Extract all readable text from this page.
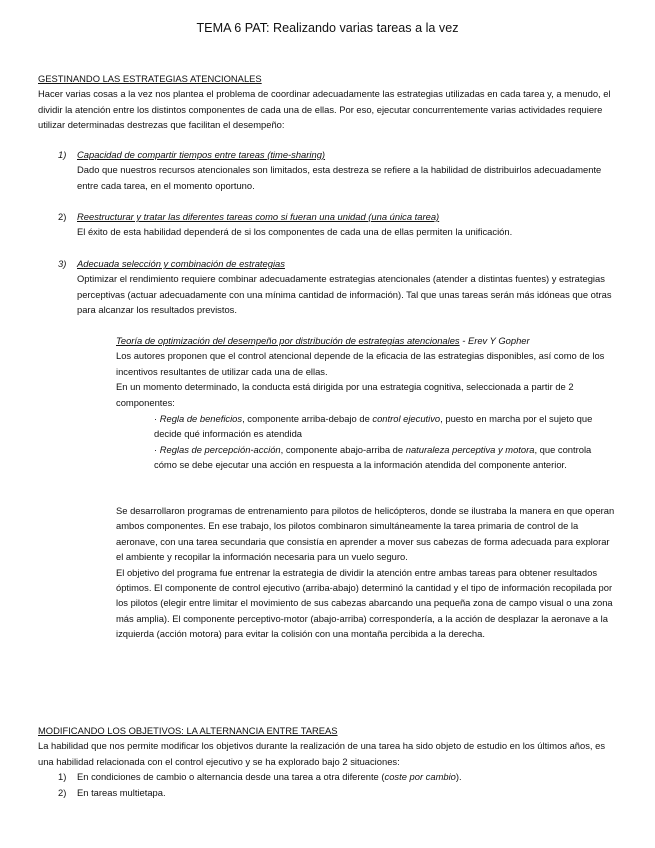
TEMA 6 PAT: Realizando varias tareas a la vez
GESTINANDO LAS ESTRATEGIAS ATENCIONALES

Hacer varias cosas a la vez nos plantea el problema de coordinar adecuadamente las estrategias utilizadas en cada tarea y, a menudo, el dividir la atención entre los distintos componentes de cada una de ellas. Por eso, ejecutar concurrentemente varias actividades requiere utilizar determinadas destrezas que facilitan el desempeño:

1) Capacidad de compartir tiempos entre tareas (time-sharing)

Dado que nuestros recursos atencionales son limitados, esta destreza se refiere a la habilidad de distribuirlos adecuadamente entre cada tarea, en el momento oportuno.

2) Reestructurar y tratar las diferentes tareas como si fueran una unidad (una única tarea)

El éxito de esta habilidad dependerá de si los componentes de cada una de ellas permiten la unificación.

3) Adecuada selección y combinación de estrategias

Optimizar el rendimiento requiere combinar adecuadamente estrategias atencionales (atender a distintas fuentes) y estrategias perceptivas (actuar adecuadamente con una mínima cantidad de información). Tal que unas tareas serán más idóneas que otras para alcanzar los resultados previstos.

Teoría de optimización del desempeño por distribución de estrategias atencionales - Erev Y Gopher

Los autores proponen que el control atencional depende de la eficacia de las estrategias disponibles, así como de los incentivos resultantes de utilizar cada una de ellas.

En un momento determinado, la conducta está dirigida por una estrategia cognitiva, seleccionada a partir de 2 componentes:

· Regla de beneficios, componente arriba-debajo de control ejecutivo, puesto en marcha por el sujeto que decide qué información es atendida

· Reglas de percepción-acción, componente abajo-arriba de naturaleza perceptiva y motora, que controla cómo se debe ejecutar una acción en respuesta a la información atendida del componente anterior.

Se desarrollaron programas de entrenamiento para pilotos de helicópteros, donde se ilustraba la manera en que operan ambos componentes. En ese trabajo, los pilotos combinaron simultáneamente la tarea primaria de control de la aeronave, con una tarea secundaria que consistía en aprender a mover sus cabezas de forma adecuada para explorar el ambiente y recopilar la información necesaria para un vuelo seguro.

El objetivo del programa fue entrenar la estrategia de dividir la atención entre ambas tareas para obtener resultados óptimos. El componente de control ejecutivo (arriba-abajo) determinó la cantidad y el tipo de información recopilada por los pilotos (elegir entre limitar el movimiento de sus cabezas abarcando una pequeña zona de campo visual o una zona más amplia). El componente perceptivo-motor (abajo-arriba) correspondería, a la acción de desplazar la aeronave a la izquierda (acción motora) para evitar la colisión con una montaña percibida a la derecha.

MODIFICANDO LOS OBJETIVOS: LA ALTERNANCIA ENTRE TAREAS

La habilidad que nos permite modificar los objetivos durante la realización de una tarea ha sido objeto de estudio en los últimos años, es una habilidad relacionada con el control ejecutivo y se ha explorado bajo 2 situaciones:

1) En condiciones de cambio o alternancia desde una tarea a otra diferente (coste por cambio).

2) En tareas multietapa.
